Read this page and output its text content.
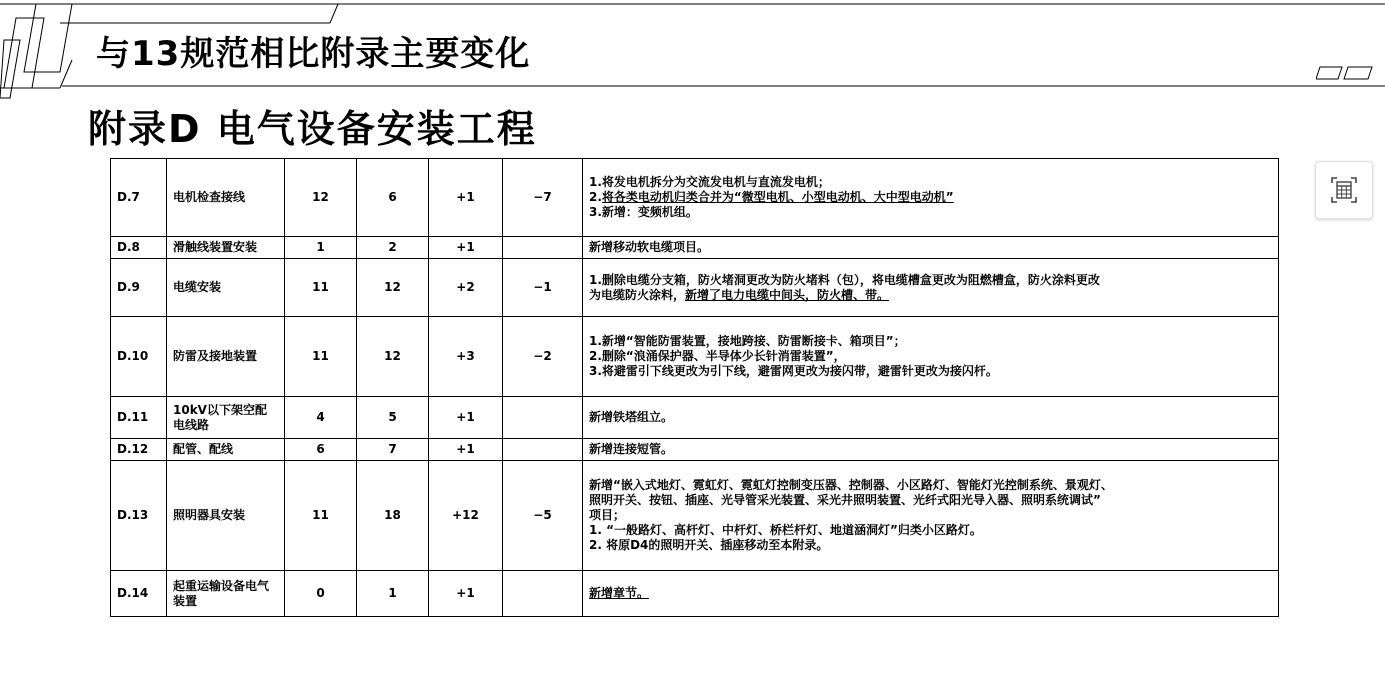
与13规范相比附录主要变化
附录D 电气设备安装工程
D.7	电机检查接线	12	6	+1	−7	1.将发电机拆分为交流发电机与直流发电机；
2.将各类电动机归类合并为“微型电机、小型电动机、大中型电动机”
3.新增：变频机组。

D.8	滑触线装置安装	1	2	+1		新增移动软电缆项目。

D.9	电缆安装	11	12	+2	−1	1.删除电缆分支箱，防火堵洞更改为防火堵料（包），将电缆槽盒更改为阻燃槽盒，防火涂料更改
为电缆防火涂料，新增了电力电缆中间头，防火槽、带。

D.10	防雷及接地装置	11	12	+3	−2	1.新增“智能防雷装置，接地跨接、防雷断接卡、箱项目”；
2.删除“浪涌保护器、半导体少长针消雷装置”，
3.将避雷引下线更改为引下线，避雷网更改为接闪带，避雷针更改为接闪杆。

D.11	10kV以下架空配电线路	4	5	+1		新增铁塔组立。

D.12	配管、配线	6	7	+1		新增连接短管。

D.13	照明器具安装	11	18	+12	−5	新增“嵌入式地灯、霓虹灯、霓虹灯控制变压器、控制器、小区路灯、智能灯光控制系统、景观灯、
照明开关、按钮、插座、光导管采光装置、采光井照明装置、光纤式阳光导入器、照明系统调试”
项目；
1. “一般路灯、高杆灯、中杆灯、桥栏杆灯、地道涵洞灯”归类小区路灯。
2. 将原D4的照明开关、插座移动至本附录。

D.14	起重运输设备电气装置	0	1	+1		新增章节。
